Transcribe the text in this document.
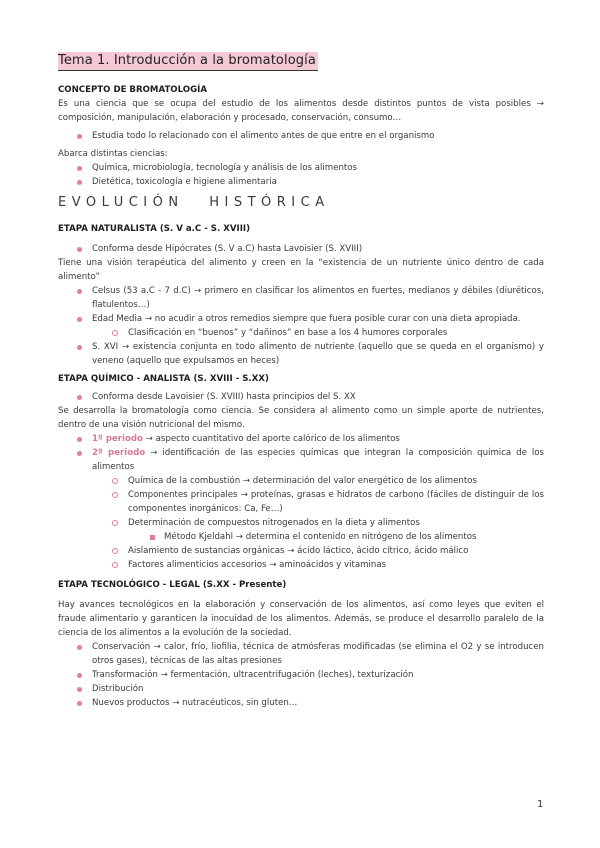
Tema 1. Introducción a la bromatología

CONCEPTO DE BROMATOLOGÍA

Es una ciencia que se ocupa del estudio de los alimentos desde distintos puntos de vista posibles → composición, manipulación, elaboración y procesado, conservación, consumo…

Estudia todo lo relacionado con el alimento antes de que entre en el organismo

Abarca distintas ciencias:

Química, microbiología, tecnología y análisis de los alimentos
Dietética, toxicología e higiene alimentaria

EVOLUCIÓN HISTÓRICA

ETAPA NATURALISTA (S. V a.C - S. XVIII)

Conforma desde Hipócrates (S. V a.C) hasta Lavoisier (S. XVIII)

Tiene una visión terapéutica del alimento y creen en la “existencia de un nutriente único dentro de cada alimento”

Celsus (53 a.C - 7 d.C) → primero en clasificar los alimentos en fuertes, medianos y débiles (diuréticos, flatulentos…)
Edad Media → no acudir a otros remedios siempre que fuera posible curar con una dieta apropiada.
Clasificación en “buenos” y “dañinos” en base a los 4 humores corporales
S. XVI → existencia conjunta en todo alimento de nutriente (aquello que se queda en el organismo) y veneno (aquello que expulsamos en heces)

ETAPA QUÍMICO - ANALISTA (S. XVIII - S.XX)

Conforma desde Lavoisier (S. XVIII) hasta principios del S. XX

Se desarrolla la bromatología como ciencia. Se considera al alimento como un simple aporte de nutrientes, dentro de una visión nutricional del mismo.

1º periodo → aspecto cuantitativo del aporte calórico de los alimentos
2º periodo → identificación de las especies químicas que integran la composición química de los alimentos
Química de la combustión → determinación del valor energético de los alimentos
Componentes principales → proteínas, grasas e hidratos de carbono (fáciles de distinguir de los componentes inorgánicos: Ca, Fe…)
Determinación de compuestos nitrogenados en la dieta y alimentos
Método Kjeldahl → determina el contenido en nitrógeno de los alimentos
Aislamiento de sustancias orgánicas → ácido láctico, ácido cítrico, ácido málico
Factores alimenticios accesorios → aminoácidos y vitaminas

ETAPA TECNOLÓGICO - LEGAL (S.XX - Presente)

Hay avances tecnológicos en la elaboración y conservación de los alimentos, así como leyes que eviten el fraude alimentario y garanticen la inocuidad de los alimentos. Además, se produce el desarrollo paralelo de la ciencia de los alimentos a la evolución de la sociedad.

Conservación → calor, frío, liofilia, técnica de atmósferas modificadas (se elimina el O2 y se introducen otros gases), técnicas de las altas presiones
Transformación → fermentación, ultracentrifugación (leches), texturización
Distribución
Nuevos productos → nutracéuticos, sin gluten…
1
